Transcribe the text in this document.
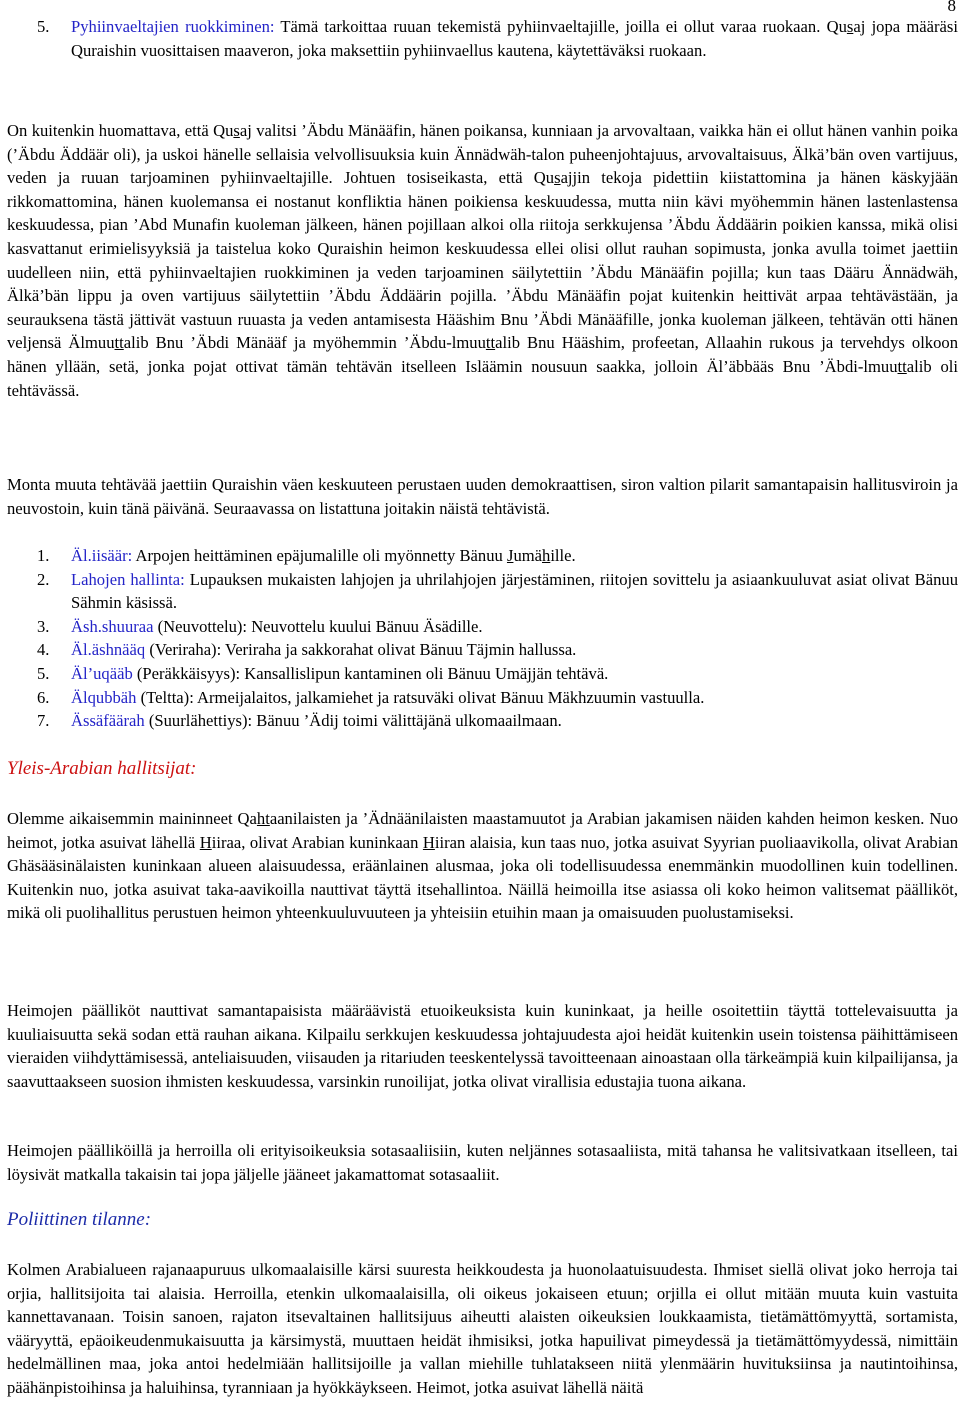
8
5. Pyhiinvaeltajien ruokkiminen: Tämä tarkoittaa ruuan tekemistä pyhiinvaeltajille, joilla ei ollut varaa ruokaan. Qusaj jopa määräsi Quraishin vuosittaisen maaveron, joka maksettiin pyhiinvaellus kautena, käytettäväksi ruokaan.

On kuitenkin huomattava, että Qusaj valitsi ’Äbdu Mänääfin, hänen poikansa, kunniaan ja arvovaltaan, vaikka hän ei ollut hänen vanhin poika (’Äbdu Äddäär oli), ja uskoi hänelle sellaisia velvollisuuksia kuin Ännädwäh-talon puheenjohtajuus, arvovaltaisuus, Älkä’bän oven vartijuus, veden ja ruuan tarjoaminen pyhiinvaeltajille. Johtuen tosiseikasta, että Qusajjin tekoja pidettiin kiistattomina ja hänen käskyjään rikkomattomina, hänen kuolemansa ei nostanut konfliktia hänen poikiensa keskuudessa, mutta niin kävi myöhemmin hänen lastenlastensa keskuudessa, pian ’Abd Munafin kuoleman jälkeen, hänen pojillaan alkoi olla riitoja serkkujensa ’Äbdu Äddäärin poikien kanssa, mikä olisi kasvattanut erimielisyyksiä ja taistelua koko Quraishin heimon keskuudessa ellei olisi ollut rauhan sopimusta, jonka avulla toimet jaettiin uudelleen niin, että pyhiinvaeltajien ruokkiminen ja veden tarjoaminen säilytettiin ’Äbdu Mänääfin pojilla; kun taas Dääru Ännädwäh, Älkä’bän lippu ja oven vartijuus säilytettiin ’Äbdu Äddäärin pojilla. ’Äbdu Mänääfin pojat kuitenkin heittivät arpaa tehtävästään, ja seurauksena tästä jättivät vastuun ruuasta ja veden antamisesta Hääshim Bnu ’Äbdi Mänääfille, jonka kuoleman jälkeen, tehtävän otti hänen veljensä Älmuuttalib Bnu ’Äbdi Mänääf ja myöhemmin ’Äbdu-lmuuttalib Bnu Hääshim, profeetan, Allaahin rukous ja tervehdys olkoon hänen yllään, setä, jonka pojat ottivat tämän tehtävän itselleen Isläämin nousuun saakka, jolloin Äl’äbbääs Bnu ’Äbdi-lmuuttalib oli tehtävässä.

Monta muuta tehtävää jaettiin Quraishin väen keskuuteen perustaen uuden demokraattisen, siron valtion pilarit samantapaisin hallitusviroin ja neuvostoin, kuin tänä päivänä. Seuraavassa on listattuna joitakin näistä tehtävistä.

1. Äl.iisäär: Arpojen heittäminen epäjumalille oli myönnetty Bänuu Jumähille.
2. Lahojen hallinta: Lupauksen mukaisten lahjojen ja uhrilahjojen järjestäminen, riitojen sovittelu ja asiaankuuluvat asiat olivat Bänuu Sähmin käsissä.
3. Äsh.shuuraa (Neuvottelu): Neuvottelu kuului Bänuu Äsädille.
4. Äl.äshnääq (Veriraha): Veriraha ja sakkorahat olivat Bänuu Täjmin hallussa.
5. Äl’uqääb (Peräkkäisyys): Kansallislipun kantaminen oli Bänuu Umäjjän tehtävä.
6. Älqubbäh (Teltta): Armeijalaitos, jalkamiehet ja ratsuväki olivat Bänuu Mäkhzuumin vastuulla.
7. Ässäfäärah (Suurlähettiys): Bänuu ’Ädij toimi välittäjänä ulkomaailmaan.
Yleis-Arabian hallitsijat:

Olemme aikaisemmin maininneet Qahtaanilaisten ja ’Ädnäänilaisten maastamuutot ja Arabian jakamisen näiden kahden heimon kesken. Nuo heimot, jotka asuivat lähellä Hiiraa, olivat Arabian kuninkaan Hiiran alaisia, kun taas nuo, jotka asuivat Syyrian puoliaavikolla, olivat Arabian Ghäsääsinälaisten kuninkaan alueen alaisuudessa, eräänlainen alusmaa, joka oli todellisuudessa enemmänkin muodollinen kuin todellinen. Kuitenkin nuo, jotka asuivat taka-aavikoilla nauttivat täyttä itsehallintoa. Näillä heimoilla itse asiassa oli koko heimon valitsemat päälliköt, mikä oli puolihallitus perustuen heimon yhteenkuuluvuuteen ja yhteisiin etuihin maan ja omaisuuden puolustamiseksi.

Heimojen päälliköt nauttivat samantapaisista määräävistä etuoikeuksista kuin kuninkaat, ja heille osoitettiin täyttä tottelevaisuutta ja kuuliaisuutta sekä sodan että rauhan aikana. Kilpailu serkkujen keskuudessa johtajuudesta ajoi heidät kuitenkin usein toistensa päihittämiseen vieraiden viihdyttämisessä, anteliaisuuden, viisauden ja ritariuden teeskentelyssä tavoitteenaan ainoastaan olla tärkeämpiä kuin kilpailijansa, ja saavuttaakseen suosion ihmisten keskuudessa, varsinkin runoilijat, jotka olivat virallisia edustajia tuona aikana.

Heimojen päälliköillä ja herroilla oli erityisoikeuksia sotasaaliisiin, kuten neljännes sotasaaliista, mitä tahansa he valitsivatkaan itselleen, tai löysivät matkalla takaisin tai jopa jäljelle jääneet jakamattomat sotasaaliit.

Poliittinen tilanne:

Kolmen Arabialueen rajanaapuruus ulkomaalaisille kärsi suuresta heikkoudesta ja huonolaatuisuudesta. Ihmiset siellä olivat joko herroja tai orjia, hallitsijoita tai alaisia. Herroilla, etenkin ulkomaalaisilla, oli oikeus jokaiseen etuun; orjilla ei ollut mitään muuta kuin vastuita kannettavanaan. Toisin sanoen, rajaton itsevaltainen hallitsijuus aiheutti alaisten oikeuksien loukkaamista, tietämättömyyttä, sortamista, vääryyttä, epäoikeudenmukaisuutta ja kärsimystä, muuttaen heidät ihmisiksi, jotka hapuilivat pimeydessä ja tietämättömyydessä, nimittäin hedelmällinen maa, joka antoi hedelmiään hallitsijoille ja vallan miehille tuhlatakseen niitä ylenmäärin huvituksiinsa ja nautintoihinsa, päähänpistoihinsa ja haluihinsa, tyranniaan ja hyökkäykseen. Heimot, jotka asuivat lähellä näitä
